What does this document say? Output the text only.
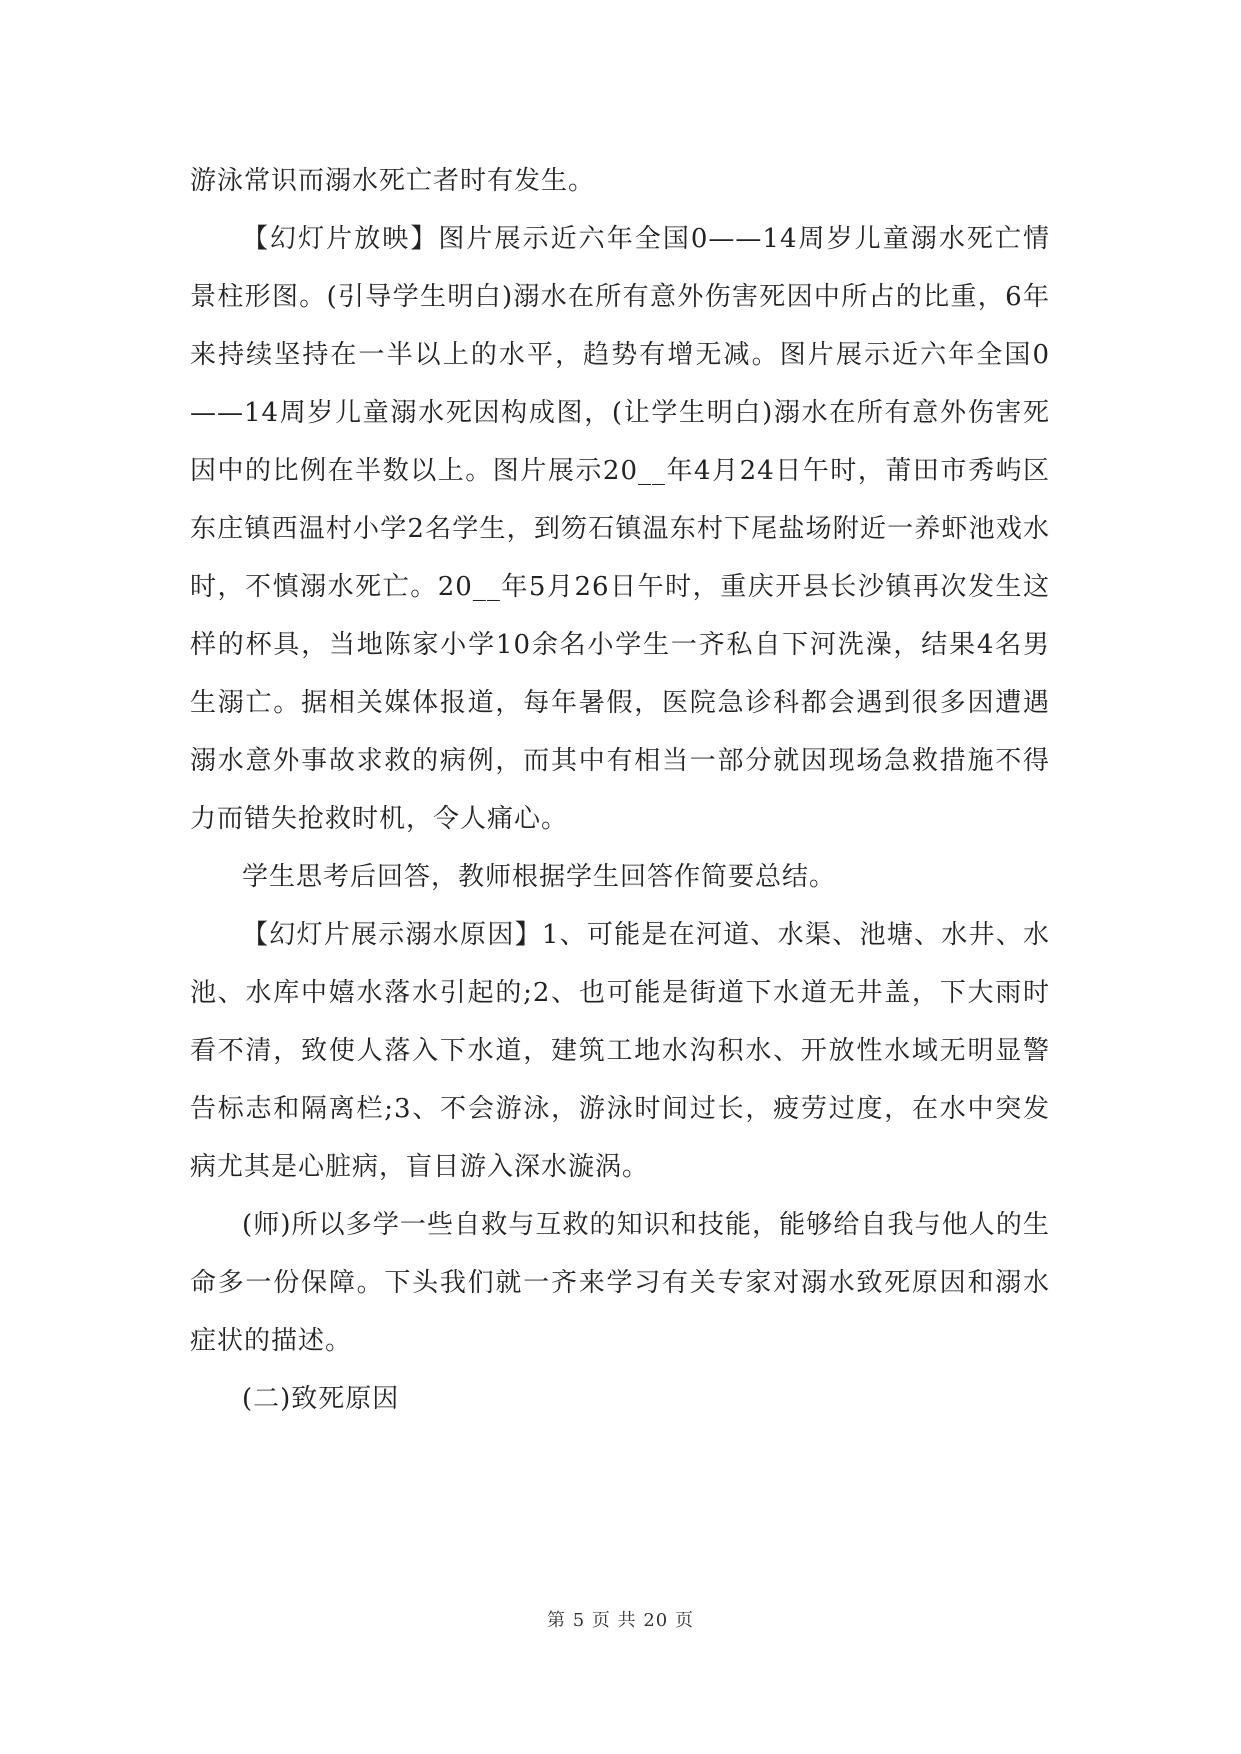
游泳常识而溺水死亡者时有发生。

【幻灯片放映】图片展示近六年全国0——14周岁儿童溺水死亡情景柱形图。(引导学生明白)溺水在所有意外伤害死因中所占的比重，6年来持续坚持在一半以上的水平，趋势有增无减。图片展示近六年全国0——14周岁儿童溺水死因构成图，(让学生明白)溺水在所有意外伤害死因中的比例在半数以上。图片展示20__年4月24日午时，莆田市秀屿区东庄镇西温村小学2名学生，到笏石镇温东村下尾盐场附近一养虾池戏水时，不慎溺水死亡。20__年5月26日午时，重庆开县长沙镇再次发生这样的杯具，当地陈家小学10余名小学生一齐私自下河洗澡，结果4名男生溺亡。据相关媒体报道，每年暑假，医院急诊科都会遇到很多因遭遇溺水意外事故求救的病例，而其中有相当一部分就因现场急救措施不得力而错失抢救时机，令人痛心。

学生思考后回答，教师根据学生回答作简要总结。

【幻灯片展示溺水原因】1、可能是在河道、水渠、池塘、水井、水池、水库中嬉水落水引起的;2、也可能是街道下水道无井盖，下大雨时看不清，致使人落入下水道，建筑工地水沟积水、开放性水域无明显警告标志和隔离栏;3、不会游泳，游泳时间过长，疲劳过度，在水中突发病尤其是心脏病，盲目游入深水漩涡。

(师)所以多学一些自救与互救的知识和技能，能够给自我与他人的生命多一份保障。下头我们就一齐来学习有关专家对溺水致死原因和溺水症状的描述。

(二)致死原因

第 5 页 共 20 页
